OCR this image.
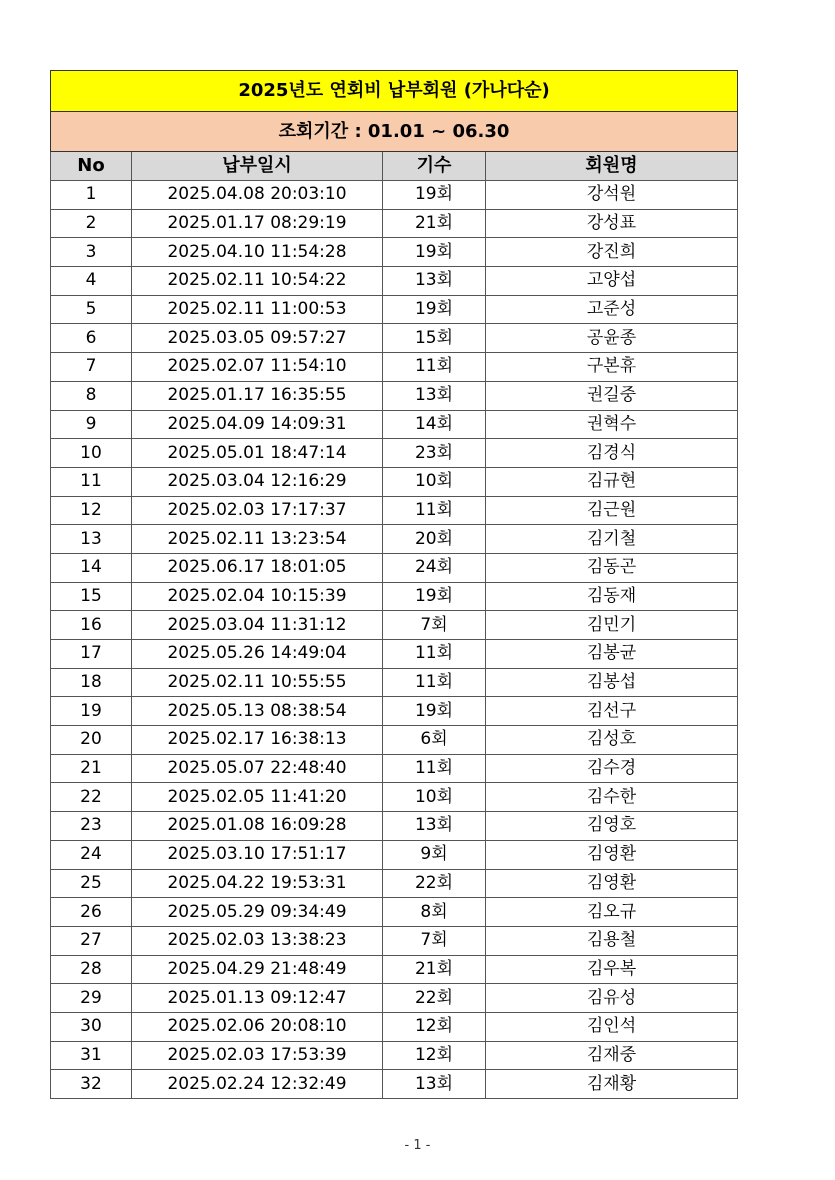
2025년도 연회비 납부회원 (가나다순)			
조회기간 : 01.01 ~ 06.30			
No	납부일시	기수	회원명
1	2025.04.08 20:03:10	19회	강석원
2	2025.01.17 08:29:19	21회	강성표
3	2025.04.10 11:54:28	19회	강진희
4	2025.02.11 10:54:22	13회	고양섭
5	2025.02.11 11:00:53	19회	고준성
6	2025.03.05 09:57:27	15회	공윤종
7	2025.02.07 11:54:10	11회	구본휴
8	2025.01.17 16:35:55	13회	권길중
9	2025.04.09 14:09:31	14회	권혁수
10	2025.05.01 18:47:14	23회	김경식
11	2025.03.04 12:16:29	10회	김규현
12	2025.02.03 17:17:37	11회	김근원
13	2025.02.11 13:23:54	20회	김기철
14	2025.06.17 18:01:05	24회	김동곤
15	2025.02.04 10:15:39	19회	김동재
16	2025.03.04 11:31:12	7회	김민기
17	2025.05.26 14:49:04	11회	김봉균
18	2025.02.11 10:55:55	11회	김봉섭
19	2025.05.13 08:38:54	19회	김선구
20	2025.02.17 16:38:13	6회	김성호
21	2025.05.07 22:48:40	11회	김수경
22	2025.02.05 11:41:20	10회	김수한
23	2025.01.08 16:09:28	13회	김영호
24	2025.03.10 17:51:17	9회	김영환
25	2025.04.22 19:53:31	22회	김영환
26	2025.05.29 09:34:49	8회	김오규
27	2025.02.03 13:38:23	7회	김용철
28	2025.04.29 21:48:49	21회	김우복
29	2025.01.13 09:12:47	22회	김유성
30	2025.02.06 20:08:10	12회	김인석
31	2025.02.03 17:53:39	12회	김재중
32	2025.02.24 12:32:49	13회	김재황
- 1 -
